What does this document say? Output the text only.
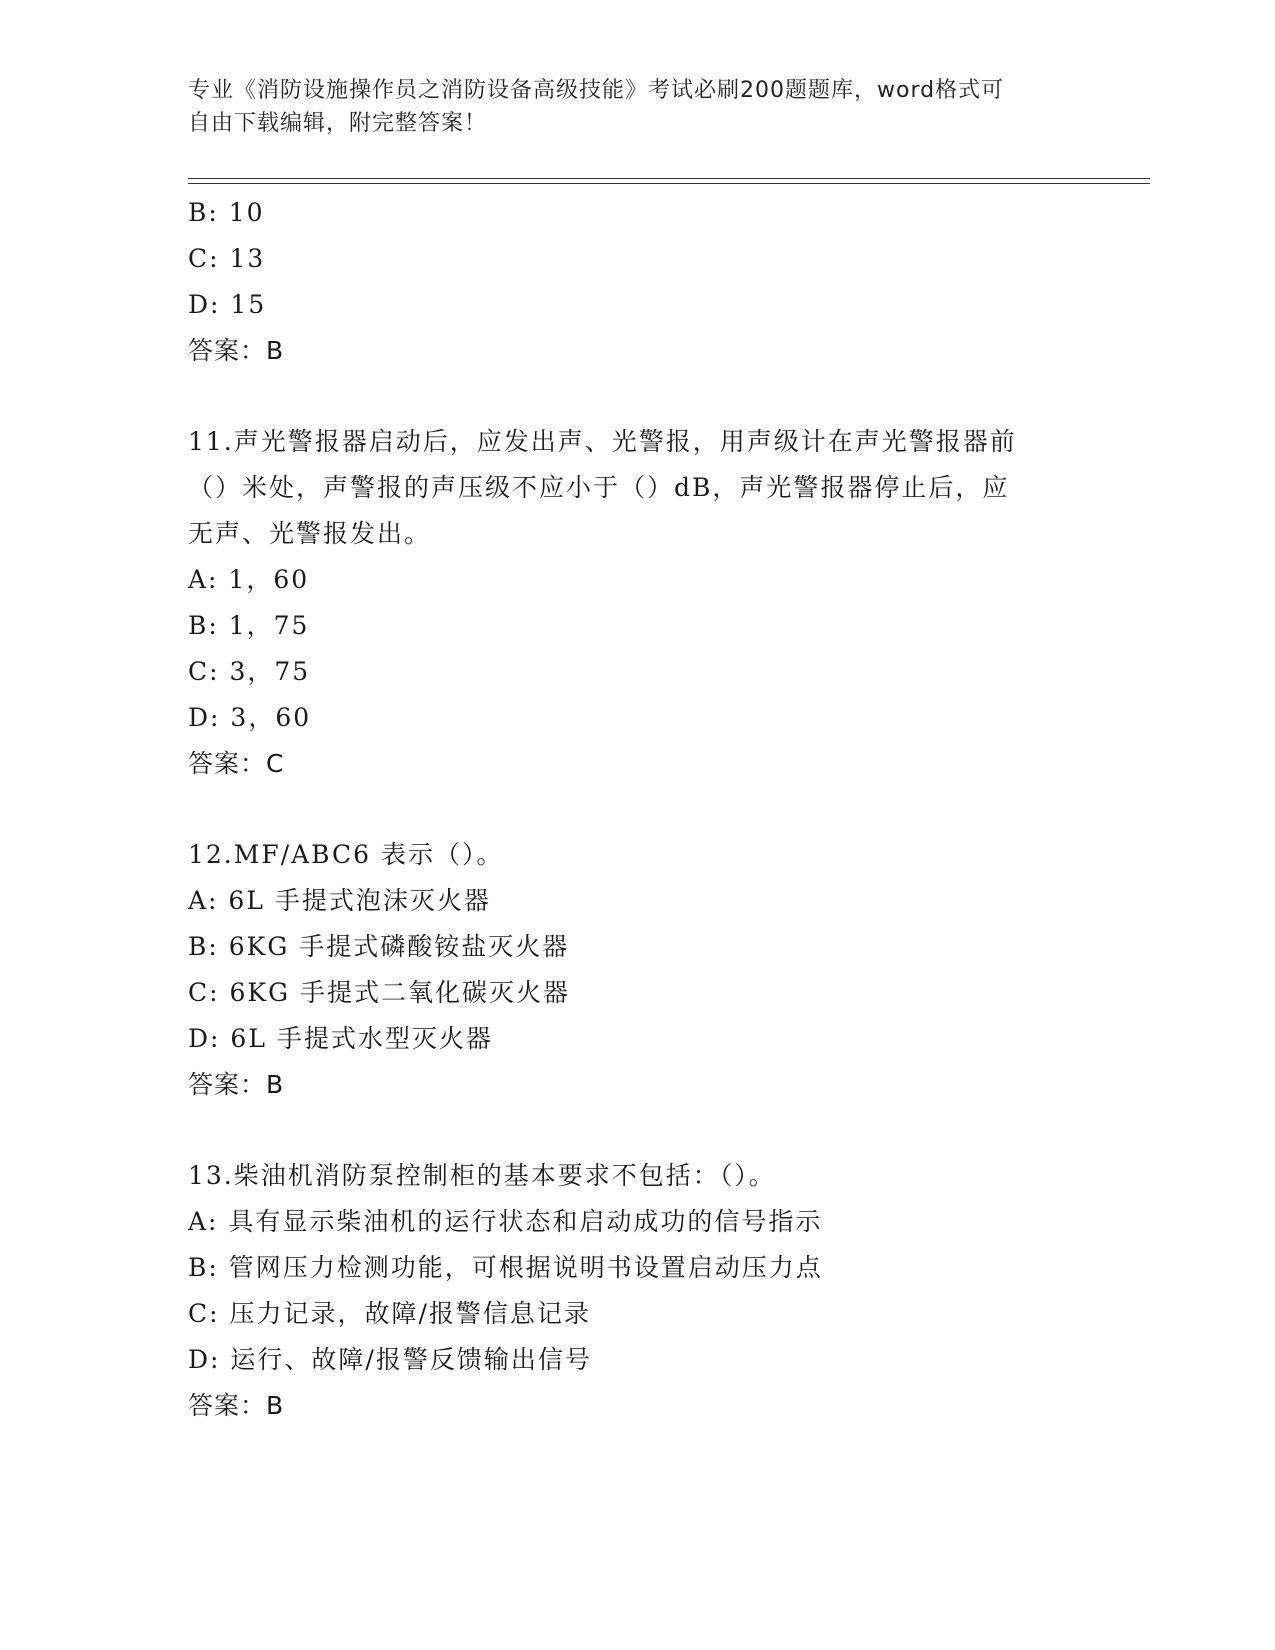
专业《消防设施操作员之消防设备高级技能》考试必刷200题题库，word格式可
自由下载编辑，附完整答案！
B: 10
C: 13
D: 15
答案：B
11.声光警报器启动后，应发出声、光警报，用声级计在声光警报器前
（）米处，声警报的声压级不应小于（）dB，声光警报器停止后，应
无声、光警报发出。
A: 1，60
B: 1，75
C: 3，75
D: 3，60
答案：C
12.MF/ABC6 表示（）。
A: 6L 手提式泡沫灭火器
B: 6KG 手提式磷酸铵盐灭火器
C: 6KG 手提式二氧化碳灭火器
D: 6L 手提式水型灭火器
答案：B
13.柴油机消防泵控制柜的基本要求不包括：（）。
A: 具有显示柴油机的运行状态和启动成功的信号指示
B: 管网压力检测功能，可根据说明书设置启动压力点
C: 压力记录，故障/报警信息记录
D: 运行、故障/报警反馈输出信号
答案：B
